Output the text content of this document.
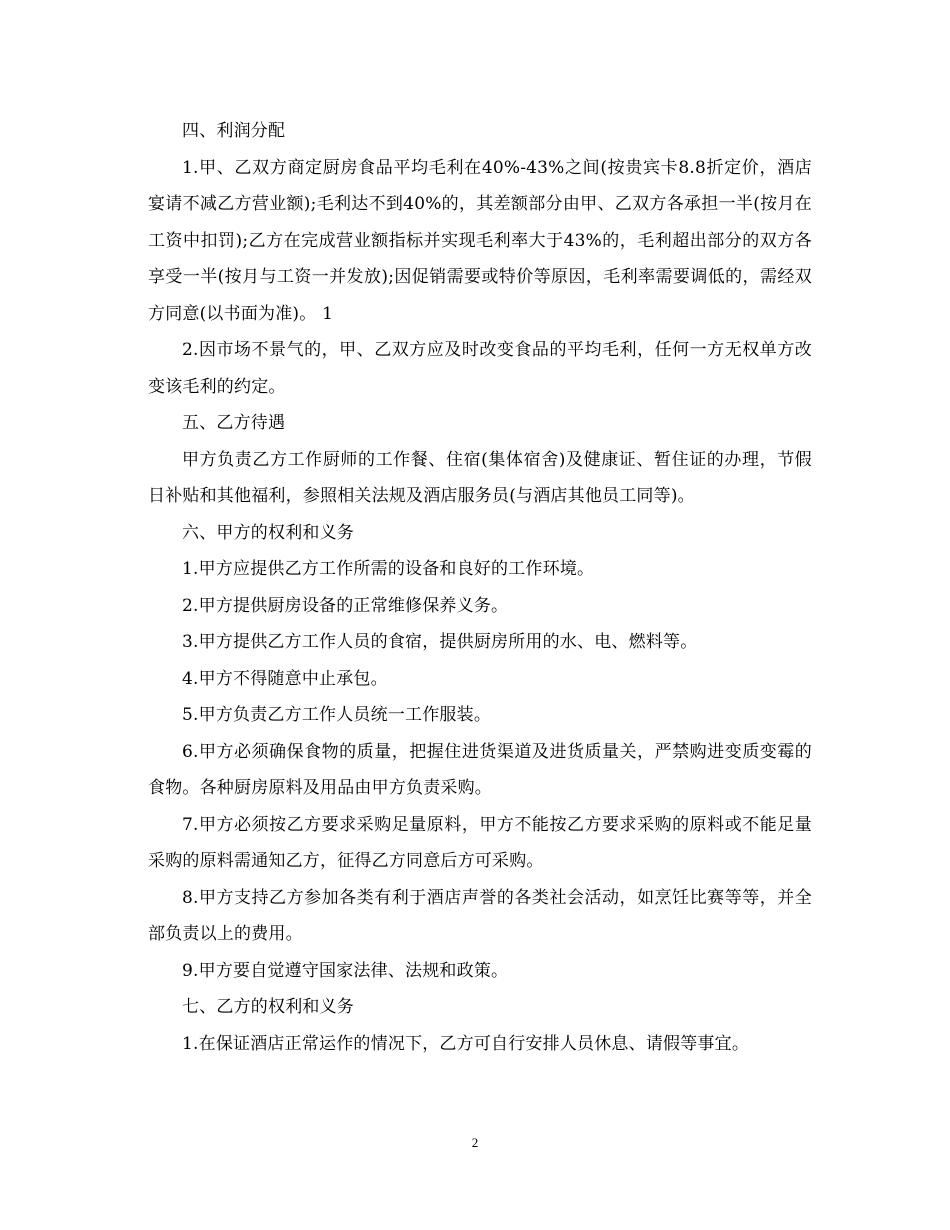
四、利润分配

1.甲、乙双方商定厨房食品平均毛利在40%-43%之间(按贵宾卡8.8折定价，酒店宴请不减乙方营业额);毛利达不到40%的，其差额部分由甲、乙双方各承担一半(按月在工资中扣罚);乙方在完成营业额指标并实现毛利率大于43%的，毛利超出部分的双方各享受一半(按月与工资一并发放);因促销需要或特价等原因，毛利率需要调低的，需经双方同意(以书面为准)。 1

2.因市场不景气的，甲、乙双方应及时改变食品的平均毛利，任何一方无权单方改变该毛利的约定。

五、乙方待遇

甲方负责乙方工作厨师的工作餐、住宿(集体宿舍)及健康证、暂住证的办理，节假日补贴和其他福利，参照相关法规及酒店服务员(与酒店其他员工同等)。

六、甲方的权利和义务

1.甲方应提供乙方工作所需的设备和良好的工作环境。

2.甲方提供厨房设备的正常维修保养义务。

3.甲方提供乙方工作人员的食宿，提供厨房所用的水、电、燃料等。

4.甲方不得随意中止承包。

5.甲方负责乙方工作人员统一工作服装。

6.甲方必须确保食物的质量，把握住进货渠道及进货质量关，严禁购进变质变霉的食物。各种厨房原料及用品由甲方负责采购。

7.甲方必须按乙方要求采购足量原料，甲方不能按乙方要求采购的原料或不能足量采购的原料需通知乙方，征得乙方同意后方可采购。

8.甲方支持乙方参加各类有利于酒店声誉的各类社会活动，如烹饪比赛等等，并全部负责以上的费用。

9.甲方要自觉遵守国家法律、法规和政策。

七、乙方的权利和义务

1.在保证酒店正常运作的情况下，乙方可自行安排人员休息、请假等事宜。

2
